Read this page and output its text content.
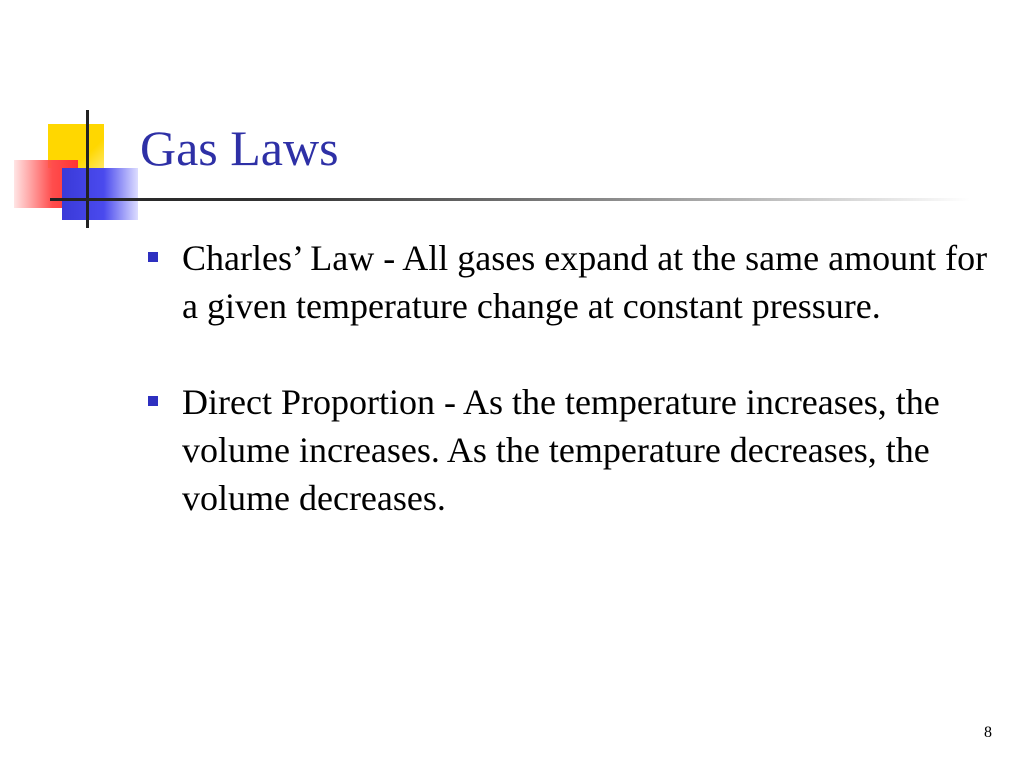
Gas Laws
Charles’ Law - All gases expand at the same amount for a given temperature change at constant pressure.
Direct Proportion - As the temperature increases, the volume increases. As the temperature decreases, the volume decreases.
8
